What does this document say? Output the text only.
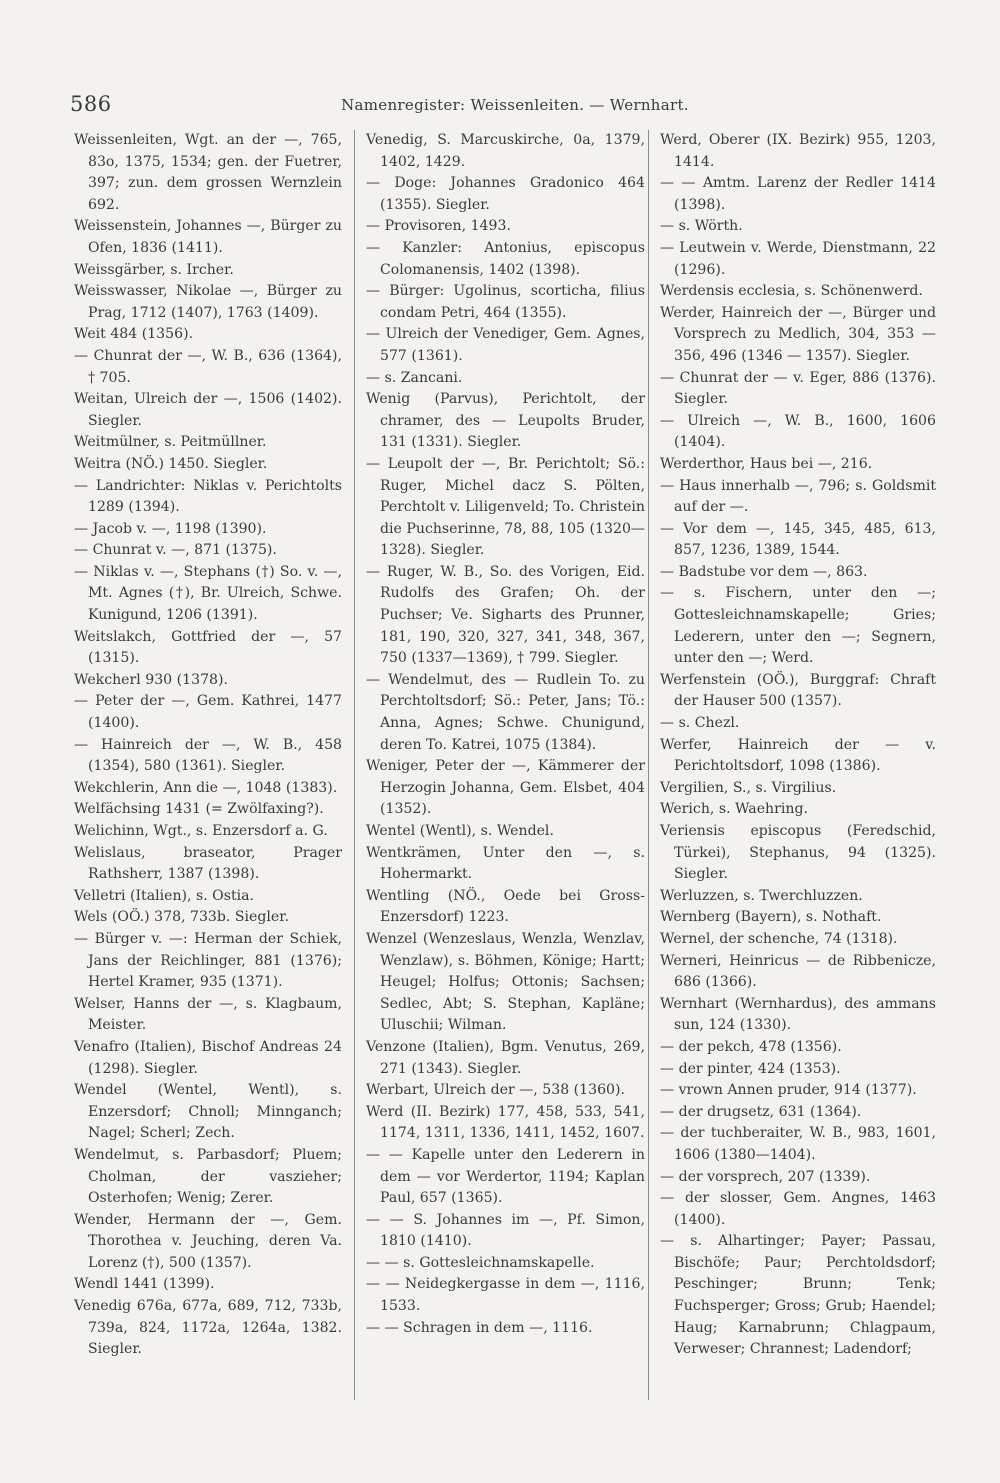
586	Namenregister: Weissenleiten. — Wernhart.

Weissenleiten, Wgt. an der —, 765, 83o, 1375, 1534; gen. der Fuetrer, 397; zun. dem grossen Wernzlein 692.

Weissenstein, Johannes —, Bürger zu Ofen, 1836 (1411).

Weissgärber, s. Ircher.

Weisswasser, Nikolae —, Bürger zu Prag, 1712 (1407), 1763 (1409).

Weit 484 (1356).

— Chunrat der —, W. B., 636 (1364), † 705.

Weitan, Ulreich der —, 1506 (1402). Siegler.

Weitmülner, s. Peitmüllner.

Weitra (NÖ.) 1450. Siegler.

— Landrichter: Niklas v. Perichtolts 1289 (1394).

— Jacob v. —, 1198 (1390).

— Chunrat v. —, 871 (1375).

— Niklas v. —, Stephans (†) So. v. —, Mt. Agnes (†), Br. Ulreich, Schwe. Kunigund, 1206 (1391).

Weitslakch, Gottfried der —, 57 (1315).

Wekcherl 930 (1378).

— Peter der —, Gem. Kathrei, 1477 (1400).

— Hainreich der —, W. B., 458 (1354), 580 (1361). Siegler.

Wekchlerin, Ann die —, 1048 (1383).

Welfächsing 1431 (= Zwölfaxing?).

Welichinn, Wgt., s. Enzersdorf a. G.

Welislaus, braseator, Prager Rathsherr, 1387 (1398).

Velletri (Italien), s. Ostia.

Wels (OÖ.) 378, 733b. Siegler.

— Bürger v. —: Herman der Schiek, Jans der Reichlinger, 881 (1376); Hertel Kramer, 935 (1371).

Welser, Hanns der —, s. Klagbaum, Meister.

Venafro (Italien), Bischof Andreas 24 (1298). Siegler.

Wendel (Wentel, Wentl), s. Enzersdorf; Chnoll; Minnganch; Nagel; Scherl; Zech.

Wendelmut, s. Parbasdorf; Pluem; Cholman, der vaszieher; Osterhofen; Wenig; Zerer.

Wender, Hermann der —, Gem. Thorothea v. Jeuching, deren Va. Lorenz (†), 500 (1357).

Wendl 1441 (1399).

Venedig 676a, 677a, 689, 712, 733b, 739a, 824, 1172a, 1264a, 1382. Siegler.

Venedig, S. Marcuskirche, 0a, 1379, 1402, 1429.

— Doge: Johannes Gradonico 464 (1355). Siegler.

— Provisoren, 1493.

— Kanzler: Antonius, episcopus Colomanensis, 1402 (1398).

— Bürger: Ugolinus, scorticha, filius condam Petri, 464 (1355).

— Ulreich der Venediger, Gem. Agnes, 577 (1361).

— s. Zancani.

Wenig (Parvus), Perichtolt, der chramer, des — Leupolts Bruder, 131 (1331). Siegler.

— Leupolt der —, Br. Perichtolt; Sö.: Ruger, Michel dacz S. Pölten, Perchtolt v. Liligenveld; To. Christein die Puchserinne, 78, 88, 105 (1320—1328). Siegler.

— Ruger, W. B., So. des Vorigen, Eid. Rudolfs des Grafen; Oh. der Puchser; Ve. Sigharts des Prunner, 181, 190, 320, 327, 341, 348, 367, 750 (1337—1369), † 799. Siegler.

— Wendelmut, des — Rudlein To. zu Perchtoltsdorf; Sö.: Peter, Jans; Tö.: Anna, Agnes; Schwe. Chunigund, deren To. Katrei, 1075 (1384).

Weniger, Peter der —, Kämmerer der Herzogin Johanna, Gem. Elsbet, 404 (1352).

Wentel (Wentl), s. Wendel.

Wentkrämen, Unter den —, s. Hohermarkt.

Wentling (NÖ., Oede bei Gross-Enzersdorf) 1223.

Wenzel (Wenzeslaus, Wenzla, Wenzlav, Wenzlaw), s. Böhmen, Könige; Hartt; Heugel; Holfus; Ottonis; Sachsen; Sedlec, Abt; S. Stephan, Kapläne; Uluschii; Wilman.

Venzone (Italien), Bgm. Venutus, 269, 271 (1343). Siegler.

Werbart, Ulreich der —, 538 (1360).

Werd (II. Bezirk) 177, 458, 533, 541, 1174, 1311, 1336, 1411, 1452, 1607.

— — Kapelle unter den Lederern in dem — vor Werdertor, 1194; Kaplan Paul, 657 (1365).

— — S. Johannes im —, Pf. Simon, 1810 (1410).

— — s. Gottesleichnamskapelle.

— — Neidegkergasse in dem —, 1116, 1533.

— — Schragen in dem —, 1116.

Werd, Oberer (IX. Bezirk) 955, 1203, 1414.

— — Amtm. Larenz der Redler 1414 (1398).

— s. Wörth.

— Leutwein v. Werde, Dienstmann, 22 (1296).

Werdensis ecclesia, s. Schönenwerd.

Werder, Hainreich der —, Bürger und Vorsprech zu Medlich, 304, 353 — 356, 496 (1346 — 1357). Siegler.

— Chunrat der — v. Eger, 886 (1376). Siegler.

— Ulreich —, W. B., 1600, 1606 (1404).

Werderthor, Haus bei —, 216.

— Haus innerhalb —, 796; s. Goldsmit auf der —.

— Vor dem —, 145, 345, 485, 613, 857, 1236, 1389, 1544.

— Badstube vor dem —, 863.

— s. Fischern, unter den —; Gottesleichnamskapelle; Gries; Lederern, unter den —; Segnern, unter den —; Werd.

Werfenstein (OÖ.), Burggraf: Chraft der Hauser 500 (1357).

— s. Chezl.

Werfer, Hainreich der — v. Perichtoltsdorf, 1098 (1386).

Vergilien, S., s. Virgilius.

Werich, s. Waehring.

Veriensis episcopus (Feredschid, Türkei), Stephanus, 94 (1325). Siegler.

Werluzzen, s. Twerchluzzen.

Wernberg (Bayern), s. Nothaft.

Wernel, der schenche, 74 (1318).

Werneri, Heinricus — de Ribbenicze, 686 (1366).

Wernhart (Wernhardus), des ammans sun, 124 (1330).

— der pekch, 478 (1356).

— der pinter, 424 (1353).

— vrown Annen pruder, 914 (1377).

— der drugsetz, 631 (1364).

— der tuchberaiter, W. B., 983, 1601, 1606 (1380—1404).

— der vorsprech, 207 (1339).

— der slosser, Gem. Angnes, 1463 (1400).

— s. Alhartinger; Payer; Passau, Bischöfe; Paur; Perchtoldsdorf; Peschinger; Brunn; Tenk; Fuchsperger; Gross; Grub; Haendel; Haug; Karnabrunn; Chlagpaum, Verweser; Chrannest; Ladendorf;
